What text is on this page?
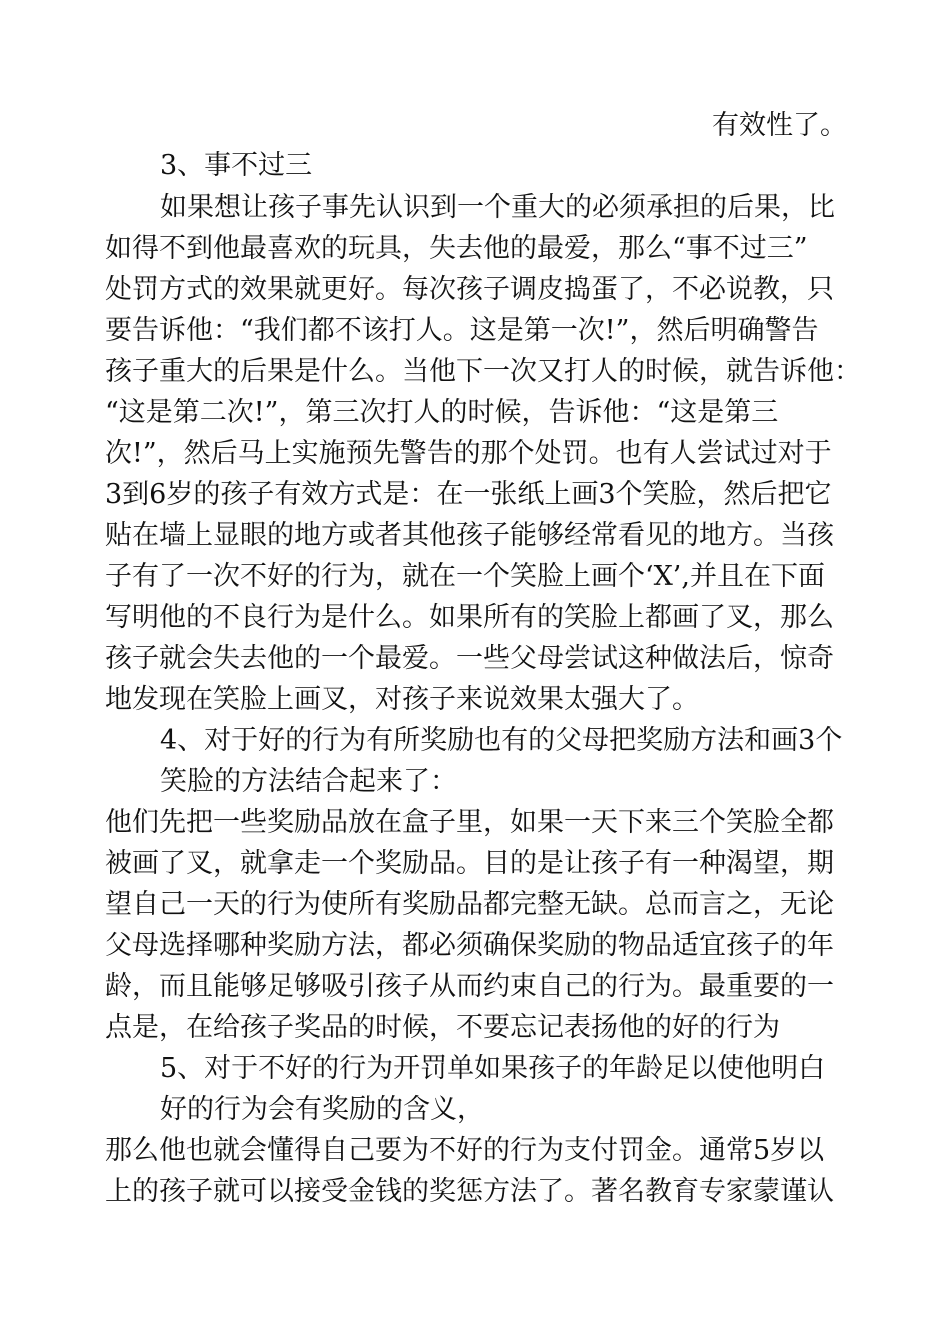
有效性了。
3、事不过三
如果想让孩子事先认识到一个重大的必须承担的后果，比
如得不到他最喜欢的玩具，失去他的最爱，那么“事不过三”
处罚方式的效果就更好。每次孩子调皮捣蛋了，不必说教，只
要告诉他：“我们都不该打人。这是第一次!”，然后明确警告
孩子重大的后果是什么。当他下一次又打人的时候，就告诉他：
“这是第二次!”，第三次打人的时候，告诉他：“这是第三
次!”，然后马上实施预先警告的那个处罚。也有人尝试过对于
3到6岁的孩子有效方式是：在一张纸上画3个笑脸，然后把它
贴在墙上显眼的地方或者其他孩子能够经常看见的地方。当孩
子有了一次不好的行为，就在一个笑脸上画个‘X’,并且在下面
写明他的不良行为是什么。如果所有的笑脸上都画了叉，那么
孩子就会失去他的一个最爱。一些父母尝试这种做法后，惊奇
地发现在笑脸上画叉，对孩子来说效果太强大了。
4、对于好的行为有所奖励也有的父母把奖励方法和画3个
笑脸的方法结合起来了：
他们先把一些奖励品放在盒子里，如果一天下来三个笑脸全都
被画了叉，就拿走一个奖励品。目的是让孩子有一种渴望，期
望自己一天的行为使所有奖励品都完整无缺。总而言之，无论
父母选择哪种奖励方法，都必须确保奖励的物品适宜孩子的年
龄，而且能够足够吸引孩子从而约束自己的行为。最重要的一
点是，在给孩子奖品的时候，不要忘记表扬他的好的行为
5、对于不好的行为开罚单如果孩子的年龄足以使他明白
好的行为会有奖励的含义，
那么他也就会懂得自己要为不好的行为支付罚金。通常5岁以
上的孩子就可以接受金钱的奖惩方法了。著名教育专家蒙谨认
